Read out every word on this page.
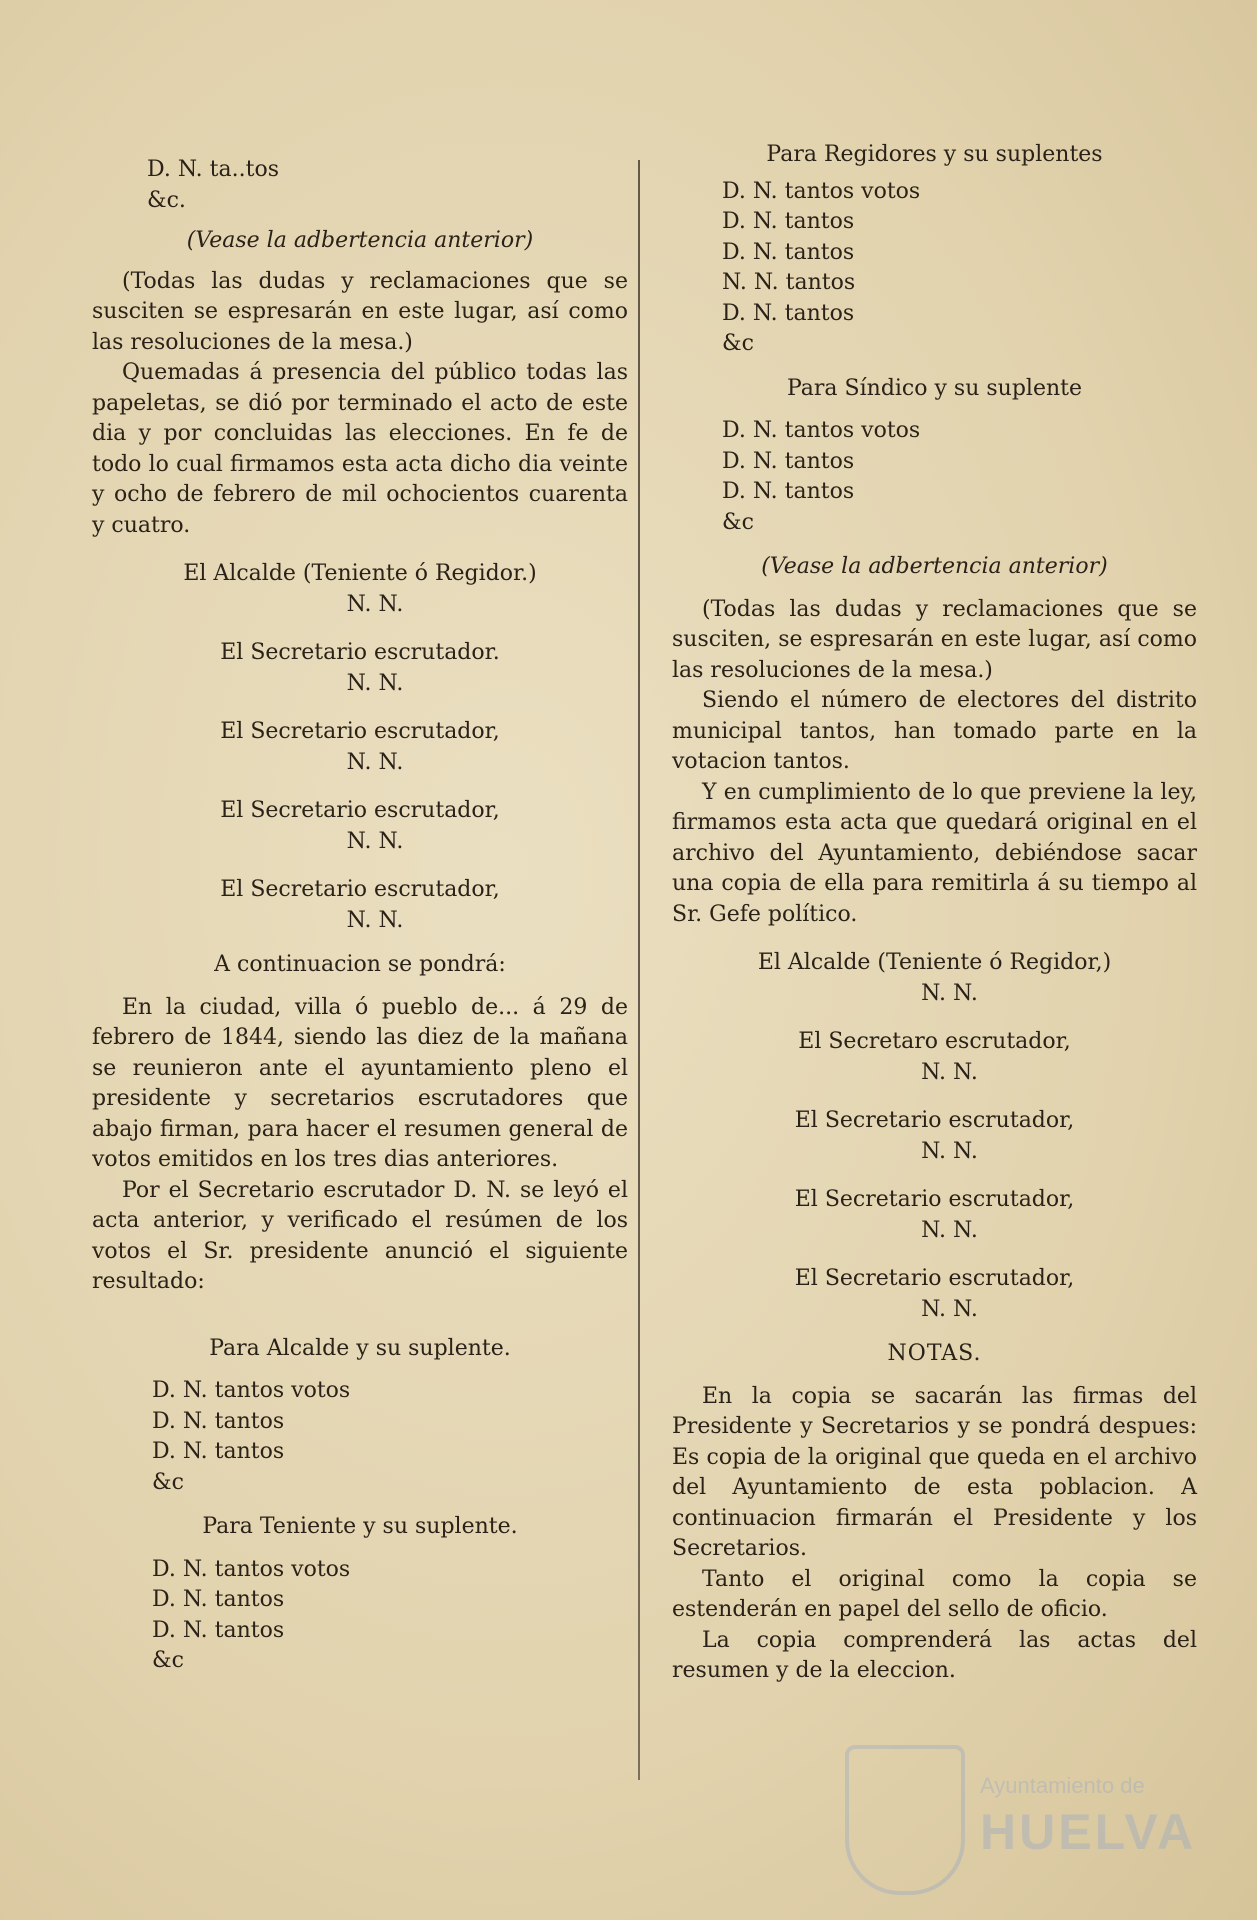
D. N. ta..tos
&c.
(Vease la adbertencia anterior)

(Todas las dudas y reclamaciones que se susciten se espresarán en este lugar, así como las resoluciones de la mesa.)

Quemadas á presencia del público todas las papeletas, se dió por terminado el acto de este dia y por concluidas las elecciones. En fe de todo lo cual firmamos esta acta dicho dia veinte y ocho de febrero de mil ochocientos cuarenta y cuatro.

El Alcalde (Teniente ó Regidor.)
N. N.
El Secretario escrutador.
N. N.
El Secretario escrutador,
N. N.
El Secretario escrutador,
N. N.
El Secretario escrutador,
N. N.
A continuacion se pondrá:

En la ciudad, villa ó pueblo de... á 29 de febrero de 1844, siendo las diez de la mañana se reunieron ante el ayuntamiento pleno el presidente y secretarios escrutadores que abajo firman, para hacer el resumen general de votos emitidos en los tres dias anteriores.

Por el Secretario escrutador D. N. se leyó el acta anterior, y verificado el resúmen de los votos el Sr. presidente anunció el siguiente resultado:

Para Alcalde y su suplente.
D. N. tantos votos
D. N. tantos
D. N. tantos
&c
Para Teniente y su suplente.
D. N. tantos votos
D. N. tantos
D. N. tantos
&c
Para Regidores y su suplentes
D. N. tantos votos
D. N. tantos
D. N. tantos
N. N. tantos
D. N. tantos
&c
Para Síndico y su suplente
D. N. tantos votos
D. N. tantos
D. N. tantos
&c
(Vease la adbertencia anterior)

(Todas las dudas y reclamaciones que se susciten, se espresarán en este lugar, así como las resoluciones de la mesa.)

Siendo el número de electores del distrito municipal tantos, han tomado parte en la votacion tantos.

Y en cumplimiento de lo que previene la ley, firmamos esta acta que quedará original en el archivo del Ayuntamiento, debiéndose sacar una copia de ella para remitirla á su tiempo al Sr. Gefe político.

El Alcalde (Teniente ó Regidor,)
N. N.
El Secretaro escrutador,
N. N.
El Secretario escrutador,
N. N.
El Secretario escrutador,
N. N.
El Secretario escrutador,
N. N.
NOTAS.

En la copia se sacarán las firmas del Presidente y Secretarios y se pondrá despues: Es copia de la original que queda en el archivo del Ayuntamiento de esta poblacion. A continuacion firmarán el Presidente y los Secretarios.

Tanto el original como la copia se estenderán en papel del sello de oficio.

La copia comprenderá las actas del resumen y de la eleccion.

Ayuntamiento de
HUELVA
